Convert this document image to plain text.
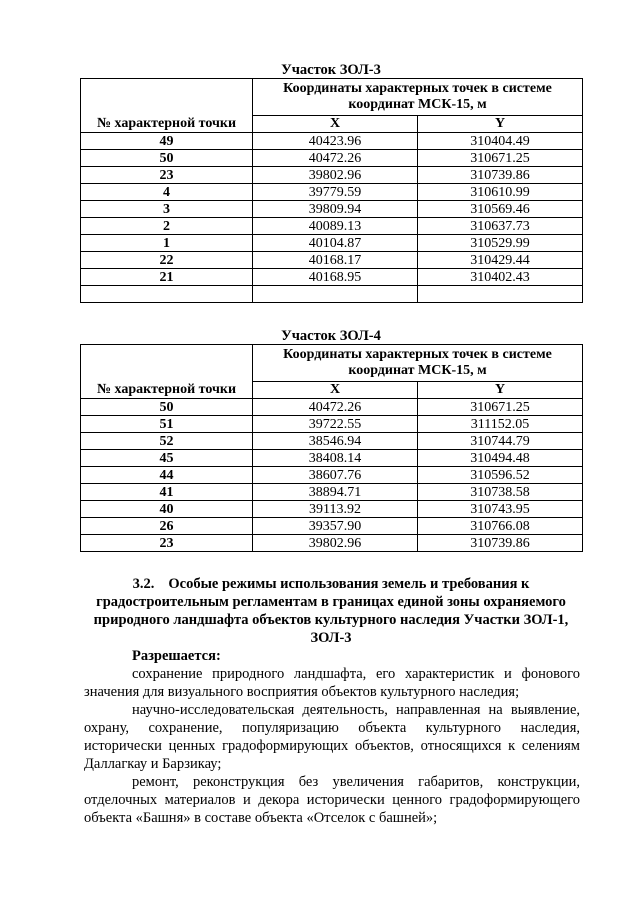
Участок ЗОЛ-3
№ характерной точки	Координаты характерных точек в системе координат МСК-15, м	
	X	Y
49	40423.96	310404.49
50	40472.26	310671.25
23	39802.96	310739.86
4	39779.59	310610.99
3	39809.94	310569.46
2	40089.13	310637.73
1	40104.87	310529.99
22	40168.17	310429.44
21	40168.95	310402.43

Участок ЗОЛ-4
№ характерной точки	Координаты характерных точек в системе координат МСК-15, м	
	X	Y
50	40472.26	310671.25
51	39722.55	311152.05
52	38546.94	310744.79
45	38408.14	310494.48
44	38607.76	310596.52
41	38894.71	310738.58
40	39113.92	310743.95
26	39357.90	310766.08
23	39802.96	310739.86
3.2. Особые режимы использования земель и требования к градостроительным регламентам в границах единой зоны охраняемого природного ландшафта объектов культурного наследия Участки ЗОЛ-1, ЗОЛ-3

Разрешается:

сохранение природного ландшафта, его характеристик и фонового значения для визуального восприятия объектов культурного наследия;

научно-исследовательская деятельность, направленная на выявление, охрану, сохранение, популяризацию объекта культурного наследия, исторически ценных градоформирующих объектов, относящихся к селениям Даллагкау и Барзикау;

ремонт, реконструкция без увеличения габаритов, конструкции, отделочных материалов и декора исторически ценного градоформирующего объекта «Башня» в составе объекта «Отселок с башней»;
